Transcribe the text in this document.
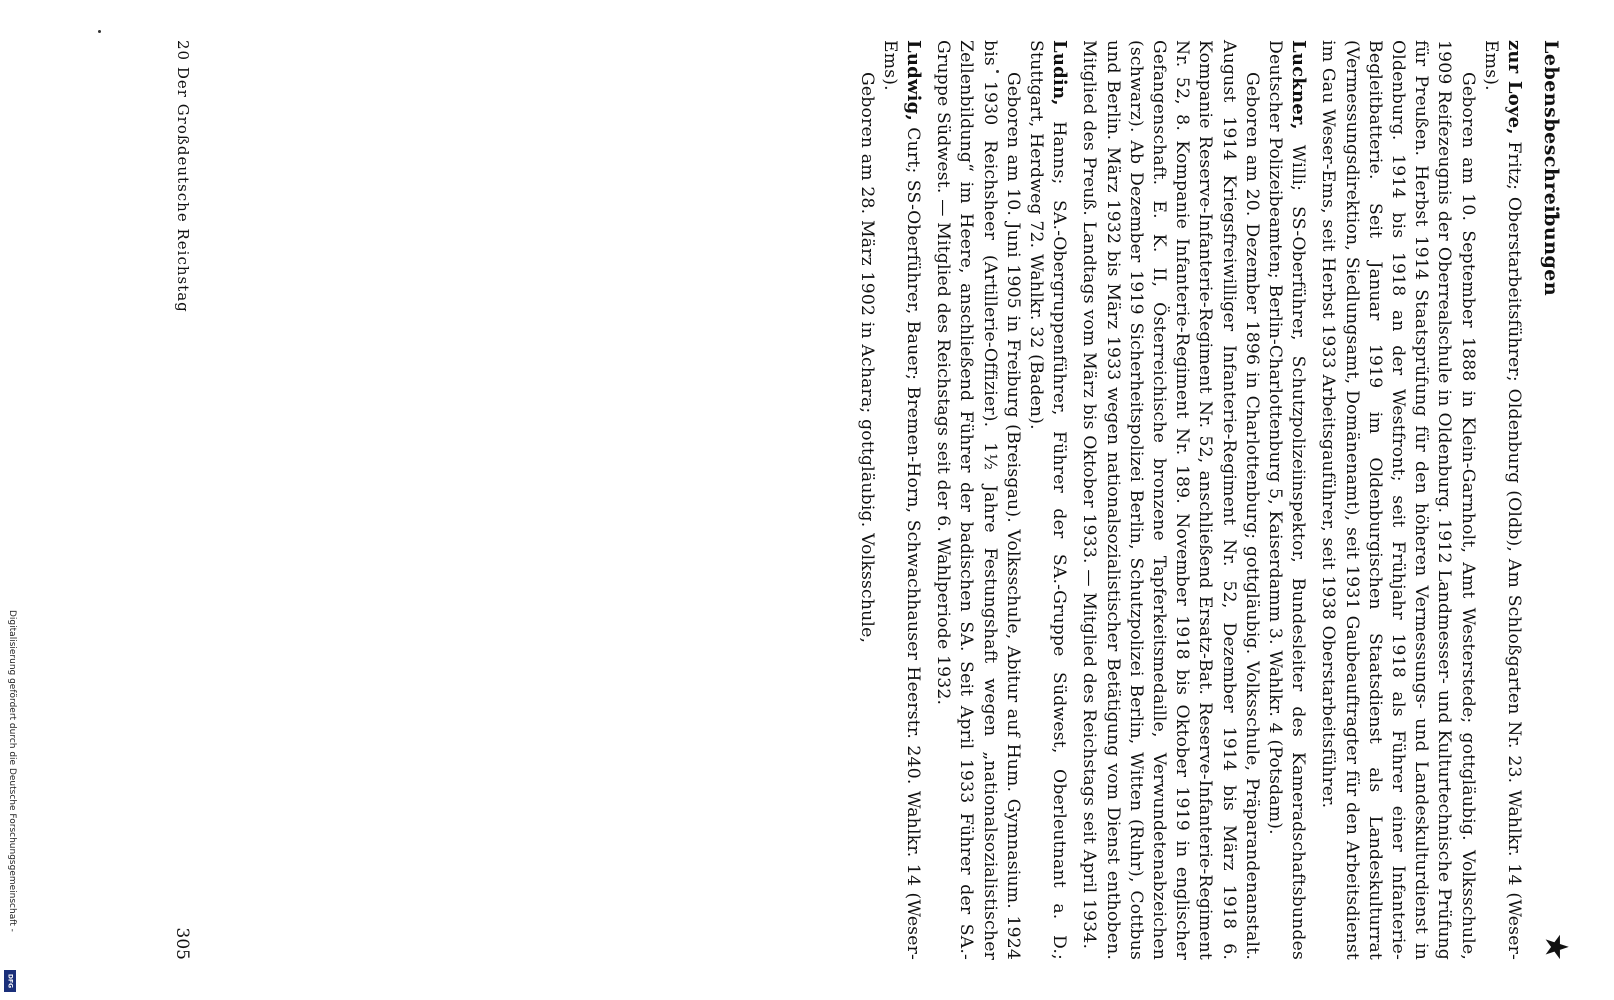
Lebensbeschreibungen
★

zur Loye, Fritz; Oberstarbeitsführer; Oldenburg (Oldb), Am Schloßgarten Nr. 23. Wahlkr. 14 (Weser-Ems).

Geboren am 10. September 1888 in Klein-Garnholt, Amt Westerstede; gottgläubig. Volksschule, 1909 Reifezeugnis der Oberrealschule in Oldenburg. 1912 Landmesser- und Kulturtechnische Prüfung für Preußen. Herbst 1914 Staatsprüfung für den höheren Vermessungs- und Landeskulturdienst in Oldenburg. 1914 bis 1918 an der Westfront; seit Frühjahr 1918 als Führer einer Infanterie-Begleitbatterie. Seit Januar 1919 im Oldenburgischen Staatsdienst als Landeskulturrat (Vermessungsdirektion, Siedlungsamt, Domänenamt), seit 1931 Gaubeauftragter für den Arbeitsdienst im Gau Weser-Ems, seit Herbst 1933 Arbeitsgauführer, seit 1938 Oberstarbeitsführer.

Luckner, Willi; SS-Oberführer, Schutzpolizeiinspektor, Bundesleiter des Kameradschaftsbundes Deutscher Polizeibeamten; Berlin-Charlottenburg 5, Kaiserdamm 3. Wahlkr. 4 (Potsdam).

Geboren am 20. Dezember 1896 in Charlottenburg; gottgläubig. Volksschule, Präparandenanstalt. August 1914 Kriegsfreiwilliger Infanterie-Regiment Nr. 52, Dezember 1914 bis März 1918 6. Kompanie Reserve-Infanterie-Regiment Nr. 52, anschließend Ersatz-Bat. Reserve-Infanterie-Regiment Nr. 52, 8. Kompanie Infanterie-Regiment Nr. 189. November 1918 bis Oktober 1919 in englischer Gefangenschaft. E. K. II, Österreichische bronzene Tapferkeitsmedaille, Verwundetenabzeichen (schwarz). Ab Dezember 1919 Sicherheitspolizei Berlin, Schutzpolizei Berlin, Witten (Ruhr), Cottbus und Berlin. März 1932 bis März 1933 wegen nationalsozialistischer Betätigung vom Dienst enthoben. Mitglied des Preuß. Landtags vom März bis Oktober 1933. — Mitglied des Reichstags seit April 1934.

Ludin, Hanns; SA.-Obergruppenführer, Führer der SA.-Gruppe Südwest, Oberleutnant a. D.; Stuttgart, Herdweg 72. Wahlkr. 32 (Baden).

Geboren am 10. Juni 1905 in Freiburg (Breisgau). Volksschule, Abitur auf Hum. Gymnasium. 1924 bis 1930 Reichsheer (Artillerie-Offizier). 1½ Jahre Festungshaft wegen „nationalsozialistischer Zellenbildung“ im Heere, anschließend Führer der badischen SA. Seit April 1933 Führer der SA.-Gruppe Südwest. — Mitglied des Reichstags seit der 6. Wahlperiode 1932.

Ludwig, Curt; SS-Oberführer, Bauer; Bremen-Horn, Schwachhauser Heerstr. 240. Wahlkr. 14 (Weser-Ems).

Geboren am 28. März 1902 in Achara; gottgläubig. Volksschule,

20 Der Großdeutsche Reichstag
305
Digitalisierung gefördert durch die Deutsche Forschungsgemeinschaft -
DFG
